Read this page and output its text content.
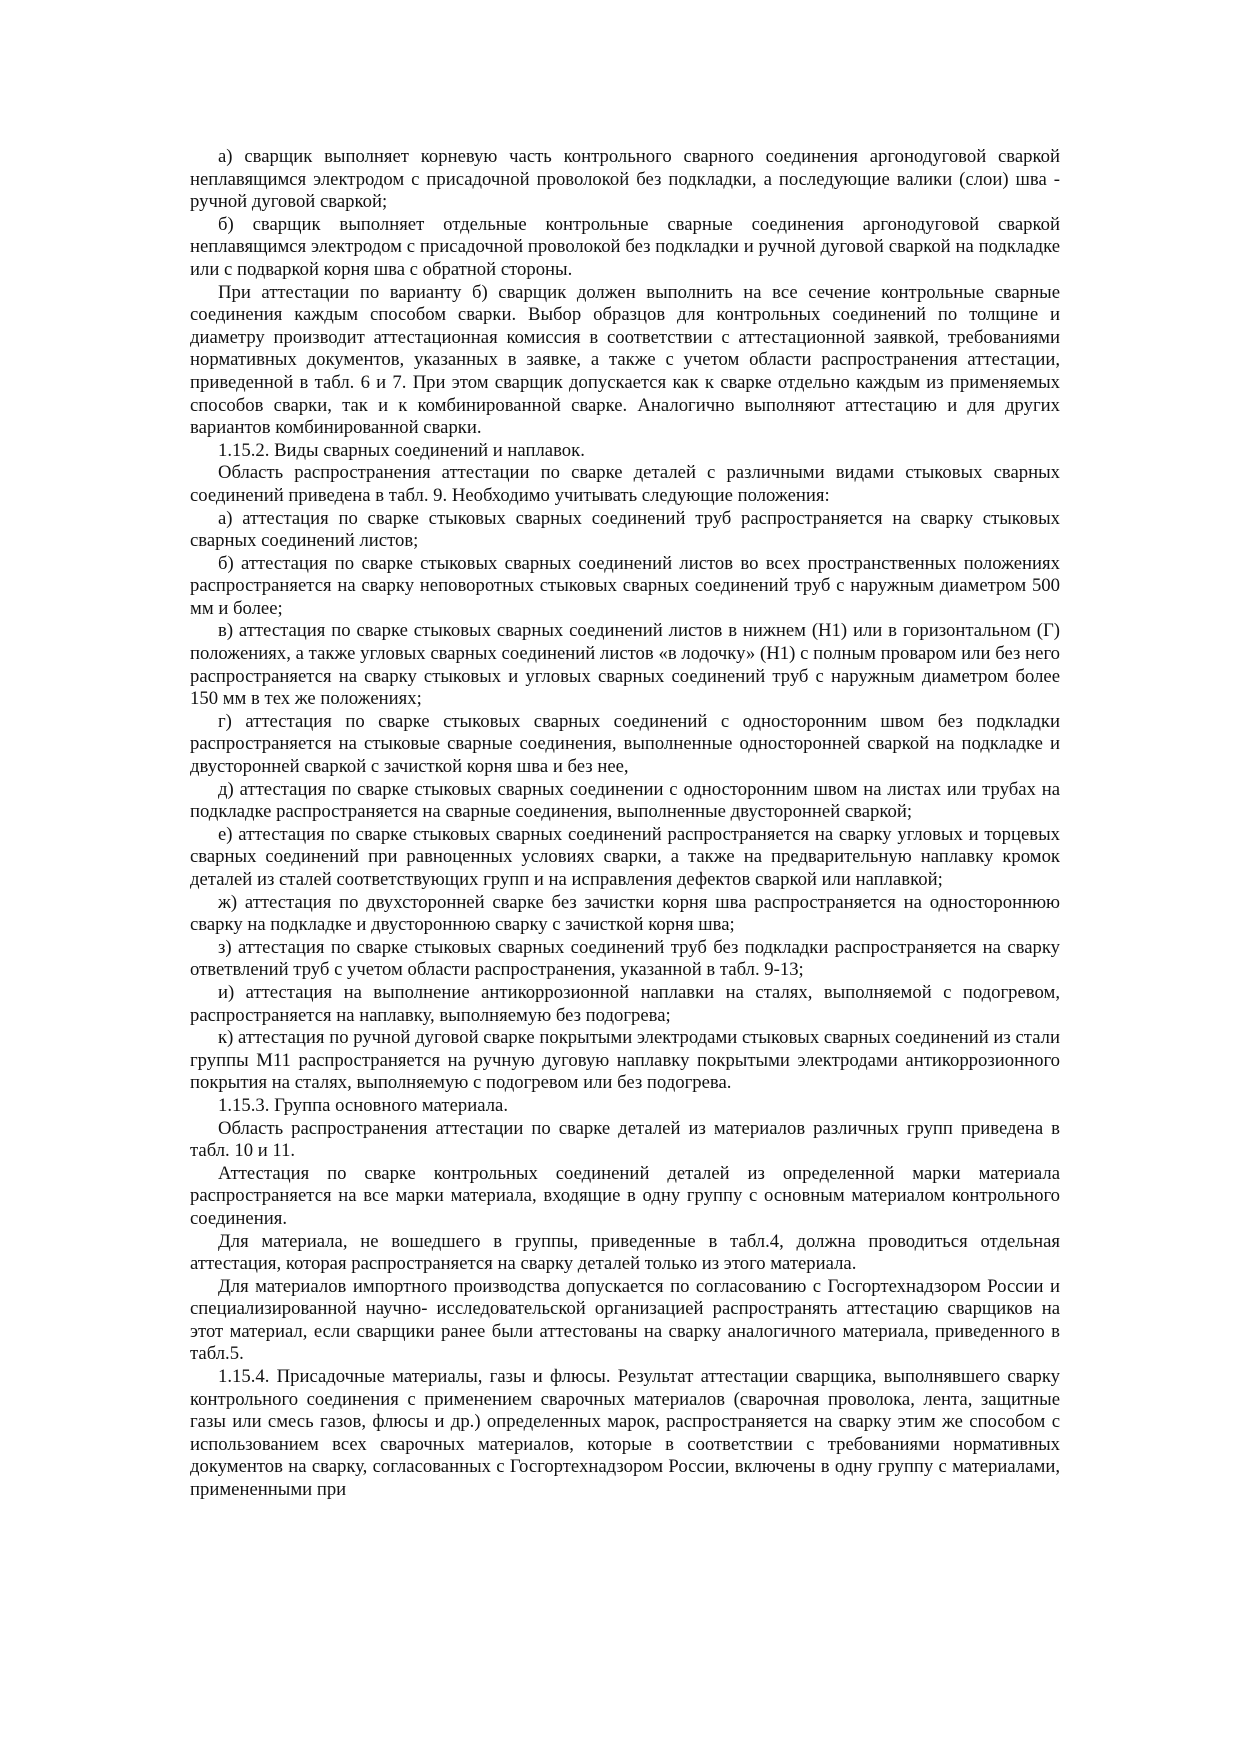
а) сварщик выполняет корневую часть контрольного сварного соединения аргонодуговой сваркой неплавящимся электродом с присадочной проволокой без подкладки, а последующие валики (слои) шва - ручной дуговой сваркой;

б) сварщик выполняет отдельные контрольные сварные соединения аргонодуговой сваркой неплавящимся электродом с присадочной проволокой без подкладки и ручной дуговой сваркой на подкладке или с подваркой корня шва с обратной стороны.

При аттестации по варианту б) сварщик должен выполнить на все сечение контрольные сварные соединения каждым способом сварки. Выбор образцов для контрольных соединений по толщине и диаметру производит аттестационная комиссия в соответствии с аттестационной заявкой, требованиями нормативных документов, указанных в заявке, а также с учетом области распространения аттестации, приведенной в табл. 6 и 7. При этом сварщик допускается как к сварке отдельно каждым из применяемых способов сварки, так и к комбинированной сварке. Аналогично выполняют аттестацию и для других вариантов комбинированной сварки.

1.15.2. Виды сварных соединений и наплавок.

Область распространения аттестации по сварке деталей с различными видами стыковых сварных соединений приведена в табл. 9. Необходимо учитывать следующие положения:

а) аттестация по сварке стыковых сварных соединений труб распространяется на сварку стыковых сварных соединений листов;

б) аттестация по сварке стыковых сварных соединений листов во всех пространственных положениях распространяется на сварку неповоротных стыковых сварных соединений труб с наружным диаметром 500 мм и более;

в) аттестация по сварке стыковых сварных соединений листов в нижнем (Н1) или в горизонтальном (Г) положениях, а также угловых сварных соединений листов «в лодочку» (Н1) с полным проваром или без него распространяется на сварку стыковых и угловых сварных соединений труб с наружным диаметром более 150 мм в тех же положениях;

г) аттестация по сварке стыковых сварных соединений с односторонним швом без подкладки распространяется на стыковые сварные соединения, выполненные односторонней сваркой на подкладке и двусторонней сваркой с зачисткой корня шва и без нее,

д) аттестация по сварке стыковых сварных соединении с односторонним швом на листах или трубах на подкладке распространяется на сварные соединения, выполненные двусторонней сваркой;

е) аттестация по сварке стыковых сварных соединений распространяется на сварку угловых и торцевых сварных соединений при равноценных условиях сварки, а также на предварительную наплавку кромок деталей из сталей соответствующих групп и на исправления дефектов сваркой или наплавкой;

ж) аттестация по двухсторонней сварке без зачистки корня шва распространяется на одностороннюю сварку на подкладке и двустороннюю сварку с зачисткой корня шва;

з) аттестация по сварке стыковых сварных соединений труб без подкладки распространяется на сварку ответвлений труб с учетом области распространения, указанной в табл. 9-13;

и) аттестация на выполнение антикоррозионной наплавки на сталях, выполняемой с подогревом, распространяется на наплавку, выполняемую без подогрева;

к) аттестация по ручной дуговой сварке покрытыми электродами стыковых сварных соединений из стали группы М11 распространяется на ручную дуговую наплавку покрытыми электродами антикоррозионного покрытия на сталях, выполняемую с подогревом или без подогрева.

1.15.3. Группа основного материала.

Область распространения аттестации по сварке деталей из материалов различных групп приведена в табл. 10 и 11.

Аттестация по сварке контрольных соединений деталей из определенной марки материала распространяется на все марки материала, входящие в одну группу с основным материалом контрольного соединения.

Для материала, не вошедшего в группы, приведенные в табл.4, должна проводиться отдельная аттестация, которая распространяется на сварку деталей только из этого материала.

Для материалов импортного производства допускается по согласованию с Госгортехнадзором России и специализированной научно- исследовательской организацией распространять аттестацию сварщиков на этот материал, если сварщики ранее были аттестованы на сварку аналогичного материала, приведенного в табл.5.

1.15.4. Присадочные материалы, газы и флюсы. Результат аттестации сварщика, выполнявшего сварку контрольного соединения с применением сварочных материалов (сварочная проволока, лента, защитные газы или смесь газов, флюсы и др.) определенных марок, распространяется на сварку этим же способом с использованием всех сварочных материалов, которые в соответствии с требованиями нормативных документов на сварку, согласованных с Госгортехнадзором России, включены в одну группу с материалами, примененными при
